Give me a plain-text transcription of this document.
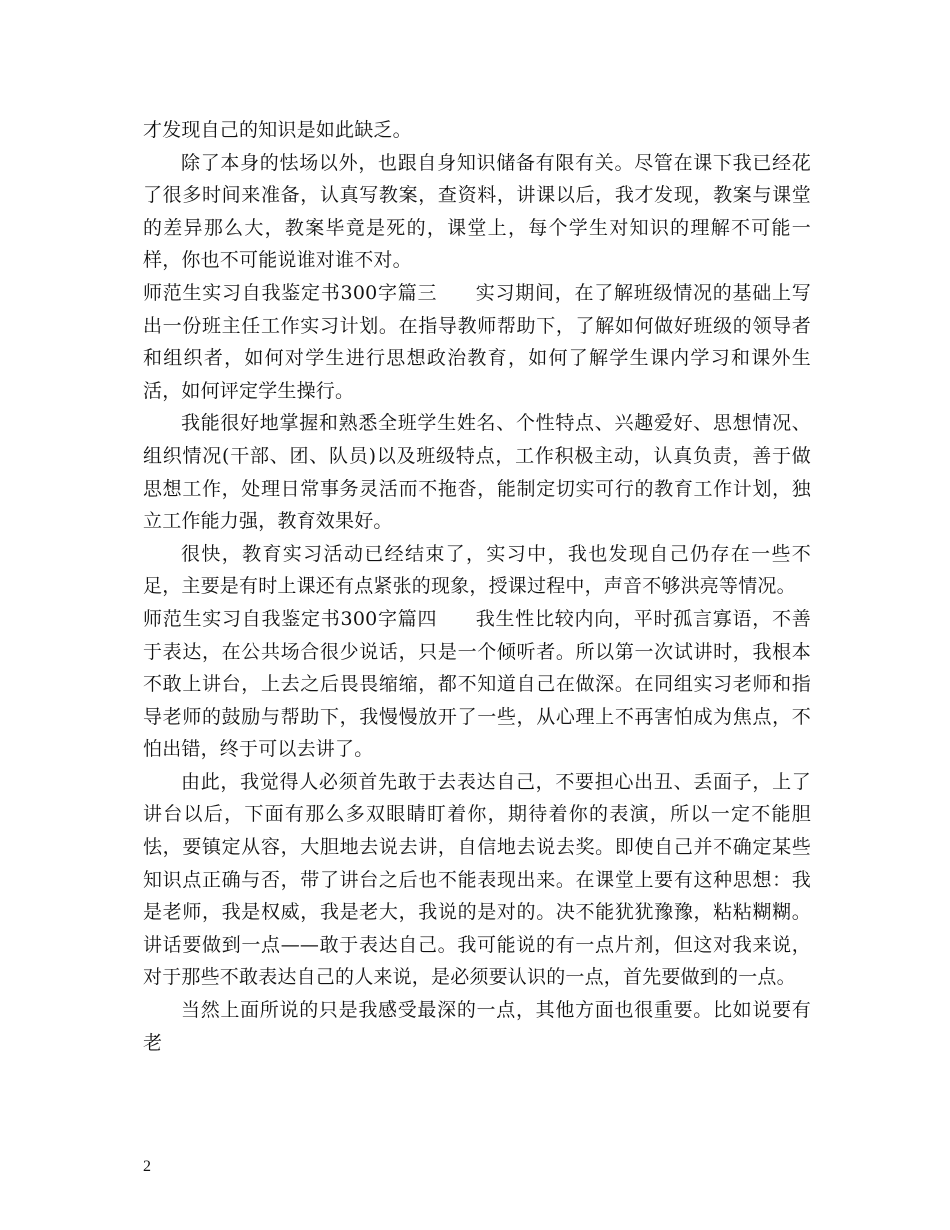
才发现自己的知识是如此缺乏。

除了本身的怯场以外，也跟自身知识储备有限有关。尽管在课下我已经花了很多时间来准备，认真写教案，查资料，讲课以后，我才发现，教案与课堂的差异那么大，教案毕竟是死的，课堂上，每个学生对知识的理解不可能一样，你也不可能说谁对谁不对。

师范生实习自我鉴定书300字篇三 实习期间，在了解班级情况的基础上写出一份班主任工作实习计划。在指导教师帮助下，了解如何做好班级的领导者和组织者，如何对学生进行思想政治教育，如何了解学生课内学习和课外生活，如何评定学生操行。

我能很好地掌握和熟悉全班学生姓名、个性特点、兴趣爱好、思想情况、组织情况(干部、团、队员)以及班级特点，工作积极主动，认真负责，善于做思想工作，处理日常事务灵活而不拖沓，能制定切实可行的教育工作计划，独立工作能力强，教育效果好。

很快，教育实习活动已经结束了，实习中，我也发现自己仍存在一些不足，主要是有时上课还有点紧张的现象，授课过程中，声音不够洪亮等情况。

师范生实习自我鉴定书300字篇四 我生性比较内向，平时孤言寡语，不善于表达，在公共场合很少说话，只是一个倾听者。所以第一次试讲时，我根本不敢上讲台，上去之后畏畏缩缩，都不知道自己在做深。在同组实习老师和指导老师的鼓励与帮助下，我慢慢放开了一些，从心理上不再害怕成为焦点，不怕出错，终于可以去讲了。

由此，我觉得人必须首先敢于去表达自己，不要担心出丑、丢面子，上了讲台以后，下面有那么多双眼睛盯着你，期待着你的表演，所以一定不能胆怯，要镇定从容，大胆地去说去讲，自信地去说去奖。即使自己并不确定某些知识点正确与否，带了讲台之后也不能表现出来。在课堂上要有这种思想：我是老师，我是权威，我是老大，我说的是对的。决不能犹犹豫豫，粘粘糊糊。讲话要做到一点——敢于表达自己。我可能说的有一点片剂，但这对我来说，对于那些不敢表达自己的人来说，是必须要认识的一点，首先要做到的一点。

当然上面所说的只是我感受最深的一点，其他方面也很重要。比如说要有老

2
